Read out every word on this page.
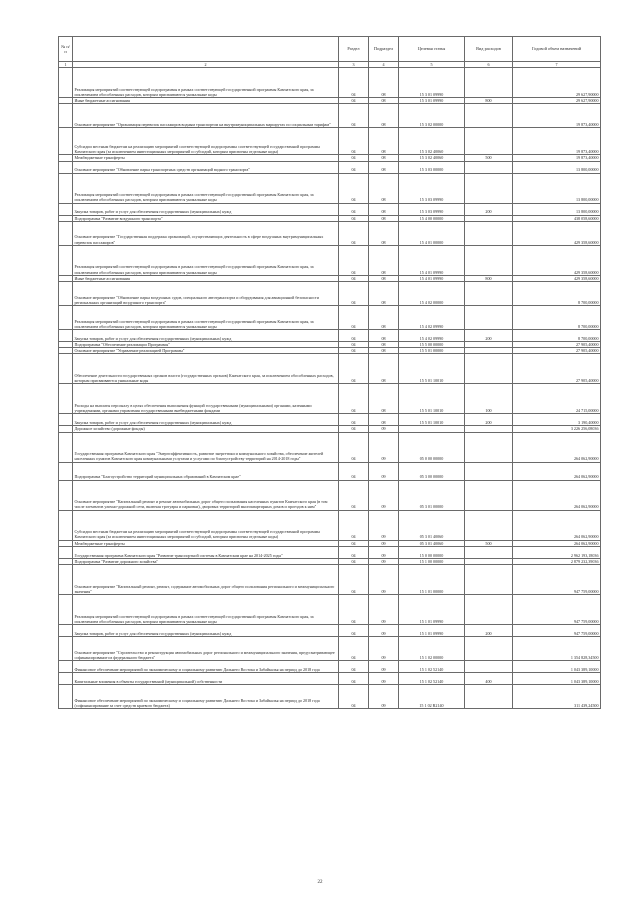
№ п/п		Раздел	Подраздел	Целевая статья	Вид расходов	Годовой объем назначений
1	2	3	4	5	6	7
	Реализация мероприятий соответствующей подпрограммы в рамках соответствующей государственной программы Камчатского края, за исключением обособленных расходов, которым присваиваются уникальные коды	04	08	15 3 01 09990		29 627,90000
	Иные бюджетные ассигнования	04	08	15 3 01 09990	800	29 627,90000
	Основное мероприятие "Организация перевозок пассажиров водным транспортом на внутримуниципальных маршрутах по социальным тарифам"	04	08	15 3 02 00000		19 873,40000
	Субсидии местным бюджетам на реализацию мероприятий соответствующей подпрограммы соответствующей государственной программы Камчатского края (за исключением инвестиционных мероприятий и субсидий, которым присвоены отдельные коды)	04	08	15 3 02 40060		19 873,40000
	Межбюджетные трансферты	04	08	15 3 02 40060	500	19 873,40000
	Основное мероприятие "Обновление парка транспортных средств организаций водного транспорта"	04	08	15 3 03 00000		13 800,00000
	Реализация мероприятий соответствующей подпрограммы в рамках соответствующей государственной программы Камчатского края, за исключением обособленных расходов, которым присваиваются уникальные коды	04	08	15 3 03 09990		13 800,00000
	Закупка товаров, работ и услуг для обеспечения государственных (муниципальных) нужд	04	08	15 3 03 09990	200	13 800,00000
	Подпрограмма "Развитие воздушного транспорта"	04	08	15 4 00 00000		438 058,60000
	Основное мероприятие "Государственная поддержка организаций, осуществляющих деятельность в сфере воздушных внутримуниципальных перевозок пассажиров"	04	08	15 4 01 00000		429 358,60000
	Реализация мероприятий соответствующей подпрограммы в рамках соответствующей государственной программы Камчатского края, за исключением обособленных расходов, которым присваиваются уникальные коды	04	08	15 4 01 09990		429 358,60000
	Иные бюджетные ассигнования	04	08	15 4 01 09990	800	429 358,60000
	Основное мероприятие "Обновление парка воздушных судов, специального автотранспорта и оборудования для авиационной безопасности региональных организаций воздушного транспорта"	04	08	15 4 02 00000		8 700,00000
	Реализация мероприятий соответствующей подпрограммы в рамках соответствующей государственной программы Камчатского края, за исключением обособленных расходов, которым присваиваются уникальные коды	04	08	15 4 02 09990		8 700,00000
	Закупка товаров, работ и услуг для обеспечения государственных (муниципальных) нужд	04	08	15 4 02 09990	200	8 700,00000
	Подпрограмма "Обеспечение реализации Программы"	04	08	15 5 00 00000		27 905,40000
	Основное мероприятие "Управление реализацией Программы"	04	08	15 5 01 00000		27 905,40000
	Обеспечение деятельности государственных органов власти (государственных органов) Камчатского края, за исключением обособленных расходов, которым присваиваются уникальные коды	04	08	15 5 01 10010		27 905,40000
	Расходы на выплаты персоналу в целях обеспечения выполнения функций государственными (муниципальными) органами, казенными учреждениями, органами управления государственными внебюджетными фондами	04	08	15 5 01 10010	100	24 715,00000
	Закупка товаров, работ и услуг для обеспечения государственных (муниципальных) нужд	04	08	15 5 01 10010	200	3 190,40000
	Дорожное хозяйство (дорожные фонды)	04	09			3 226 256,08036
	Государственная программа Камчатского края "Энергоэффективность, развитие энергетики и коммунального хозяйства, обеспечение жителей населенных пунктов Камчатского края коммунальными услугами и услугами по благоустройству территорий на 2014-2018 годы"	04	09	05 0 00 00000		264 062,90000
	Подпрограмма "Благоустройство территорий муниципальных образований в Камчатском крае"	04	09	05 3 00 00000		264 062,90000
	Основное мероприятие "Капитальный ремонт и ремонт автомобильных дорог общего пользования населенных пунктов Камчатского края (в том числе элементов улично-дорожной сети, включая тротуары и парковки), дворовых территорий многоквартирных домов и проездов к ним"	04	09	05 3 01 00000		264 062,90000
	Субсидии местным бюджетам на реализацию мероприятий соответствующей подпрограммы соответствующей государственной программы Камчатского края (за исключением инвестиционных мероприятий и субсидий, которым присвоены отдельные коды)	04	09	05 3 01 40060		264 062,90000
	Межбюджетные трансферты	04	09	05 3 01 40060	500	264 062,90000
	Государственная программа Камчатского края "Развитие транспортной системы в Камчатском крае на 2014-2025 годы"	04	09	15 0 00 00000		2 962 193,18036
	Подпрограмма "Развитие дорожного хозяйства"	04	09	15 1 00 00000		2 879 232,39036
	Основное мероприятие "Капитальный ремонт, ремонт, содержание автомобильных дорог общего пользования регионального и межмуниципального значения"	04	09	15 1 01 00000		947 759,00000
	Реализация мероприятий соответствующей подпрограммы в рамках соответствующей государственной программы Камчатского края, за исключением обособленных расходов, которым присваиваются уникальные коды	04	09	15 1 01 09990		947 759,00000
	Закупка товаров, работ и услуг для обеспечения государственных (муниципальных) нужд	04	09	15 1 01 09990	200	947 759,00000
	Основное мероприятие "Строительство и реконструкция автомобильных дорог регионального и межмуниципального значения, предусматривающее софинансирование из федерального бюджета"	04	09	15 1 02 00000		1 354 828,34500
	Финансовое обеспечение мероприятий по экономическому и социальному развитию Дальнего Востока и Забайкалья на период до 2018 года	04	09	15 1 02 52140		1 043 389,10000
	Капитальные вложения в объекты государственной (муниципальной) собственности	04	09	15 1 02 52140	400	1 043 389,10000
	Финансовое обеспечение мероприятий по экономическому и социальному развитию Дальнего Востока и Забайкалья на период до 2018 года (софинансирование за счет средств краевого бюджета)	04	09	15 1 02 R2140		311 439,24500
22
